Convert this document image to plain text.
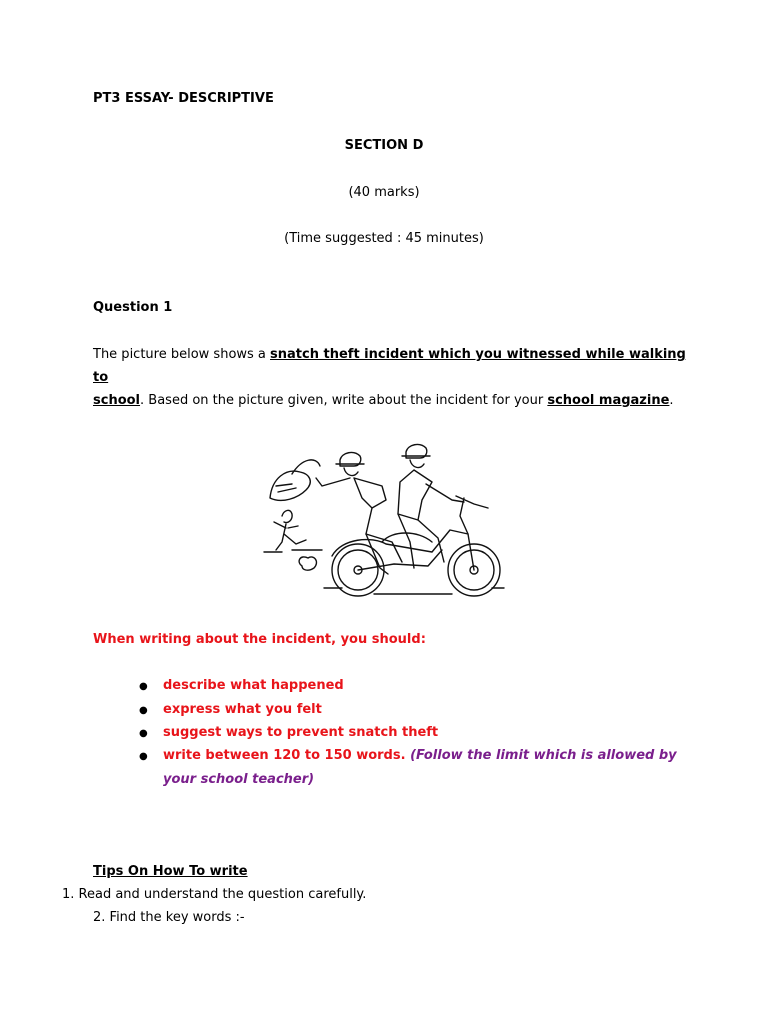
PT3 ESSAY- DESCRIPTIVE
SECTION D
(40 marks)
(Time suggested : 45 minutes)
Question 1
The picture below shows a snatch theft incident which you witnessed while walking to
school. Based on the picture given, write about the incident for your school magazine.
When writing about the incident, you should:
● describe what happened
● express what you felt
● suggest ways to prevent snatch theft
● write between 120 to 150 words. (Follow the limit which is allowed by
your school teacher)
Tips On How To write
1. Read and understand the question carefully.
2. Find the key words :-
